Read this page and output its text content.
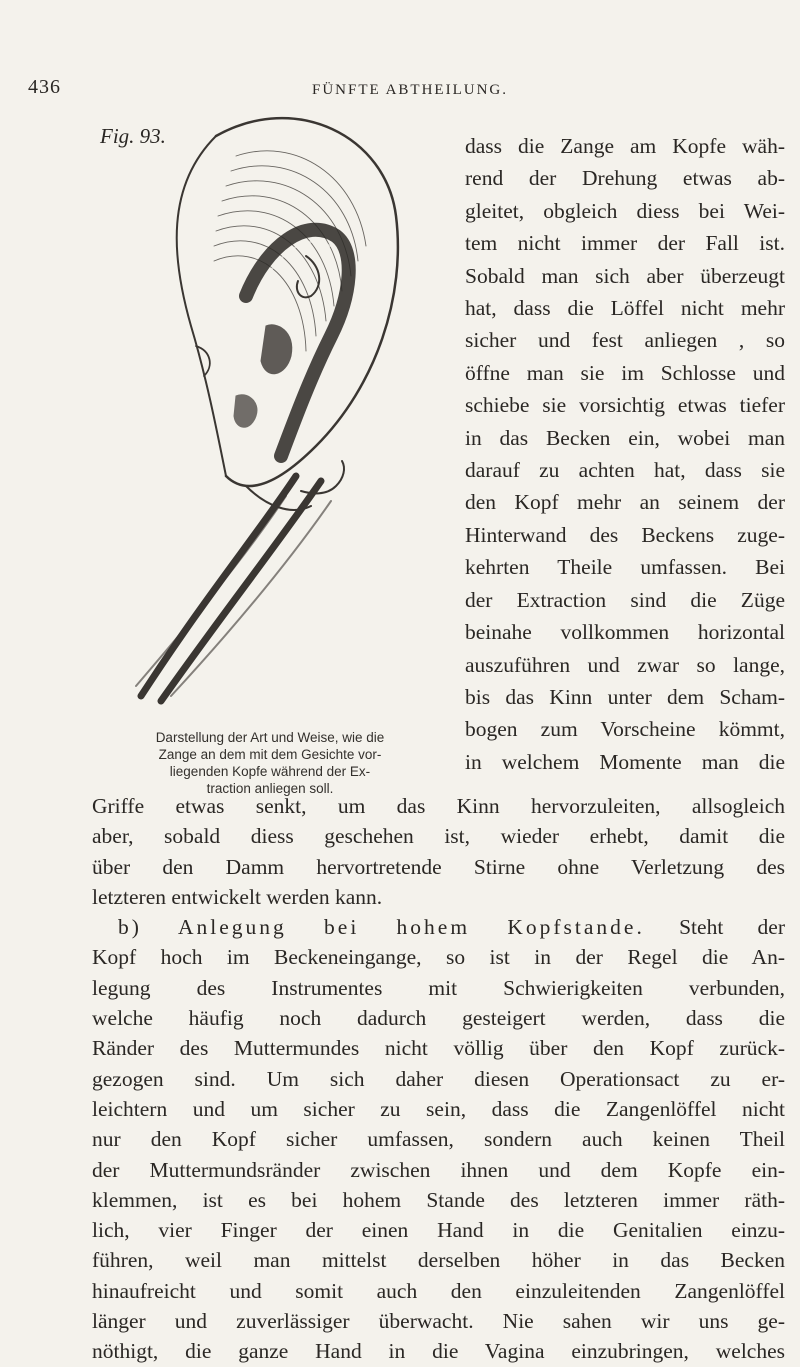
436	FÜNFTE ABTHEILUNG.
Fig. 93.
Darstellung der Art und Weise, wie die
Zange an dem mit dem Gesichte vor-
liegenden Kopfe während der Ex-
traction anliegen soll.
dass die Zange am Kopfe wäh-
rend der Drehung etwas ab-
gleitet, obgleich diess bei Wei-
tem nicht immer der Fall ist.
Sobald man sich aber überzeugt
hat, dass die Löffel nicht mehr
sicher und fest anliegen , so
öffne man sie im Schlosse und
schiebe sie vorsichtig etwas tiefer
in das Becken ein, wobei man
darauf zu achten hat, dass sie
den Kopf mehr an seinem der
Hinterwand des Beckens zuge-
kehrten Theile umfassen. Bei
der Extraction sind die Züge
beinahe vollkommen horizontal
auszuführen und zwar so lange,
bis das Kinn unter dem Scham-
bogen zum Vorscheine kömmt,
in welchem Momente man die
Griffe etwas senkt, um das Kinn hervorzuleiten, allsogleich
aber, sobald diess geschehen ist, wieder erhebt, damit die
über den Damm hervortretende Stirne ohne Verletzung des
letzteren entwickelt werden kann.
b) Anlegung bei hohem Kopfstande. Steht der
Kopf hoch im Beckeneingange, so ist in der Regel die An-
legung des Instrumentes mit Schwierigkeiten verbunden,
welche häufig noch dadurch gesteigert werden, dass die
Ränder des Muttermundes nicht völlig über den Kopf zurück-
gezogen sind. Um sich daher diesen Operationsact zu er-
leichtern und um sicher zu sein, dass die Zangenlöffel nicht
nur den Kopf sicher umfassen, sondern auch keinen Theil
der Muttermundsränder zwischen ihnen und dem Kopfe ein-
klemmen, ist es bei hohem Stande des letzteren immer räth-
lich, vier Finger der einen Hand in die Genitalien einzu-
führen, weil man mittelst derselben höher in das Becken
hinaufreicht und somit auch den einzuleitenden Zangenlöffel
länger und zuverlässiger überwacht. Nie sahen wir uns ge-
nöthigt, die ganze Hand in die Vagina einzubringen, welches
